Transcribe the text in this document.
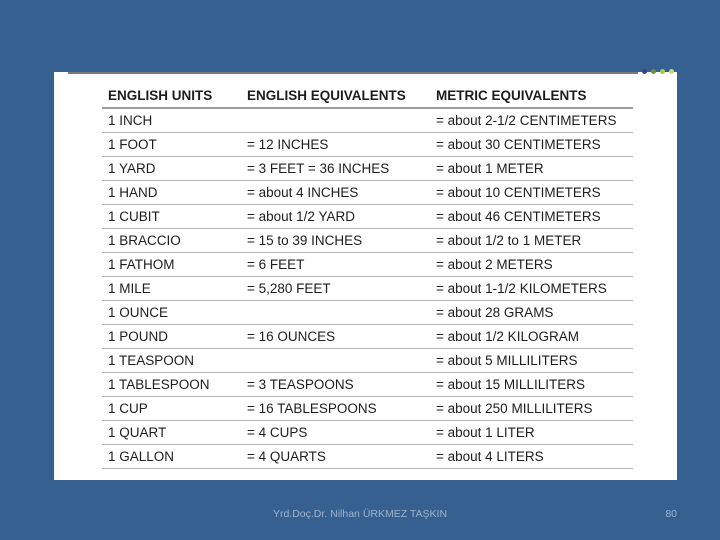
ENGLISH UNITS	ENGLISH EQUIVALENTS	METRIC EQUIVALENTS
1 INCH		= about 2-1/2 CENTIMETERS
1 FOOT	= 12 INCHES	= about 30 CENTIMETERS
1 YARD	= 3 FEET = 36 INCHES	= about 1 METER
1 HAND	= about 4 INCHES	= about 10 CENTIMETERS
1 CUBIT	= about 1/2 YARD	= about 46 CENTIMETERS
1 BRACCIO	= 15 to 39 INCHES	= about 1/2 to 1 METER
1 FATHOM	= 6 FEET	= about 2 METERS
1 MILE	= 5,280 FEET	= about 1-1/2 KILOMETERS
1 OUNCE		= about 28 GRAMS
1 POUND	= 16 OUNCES	= about 1/2 KILOGRAM
1 TEASPOON		= about 5 MILLILITERS
1 TABLESPOON	= 3 TEASPOONS	= about 15 MILLILITERS
1 CUP	= 16 TABLESPOONS	= about 250 MILLILITERS
1 QUART	= 4 CUPS	= about 1 LITER
1 GALLON	= 4 QUARTS	= about 4 LITERS
Yrd.Doç.Dr. Nilhan ÜRKMEZ TAŞKIN	80
